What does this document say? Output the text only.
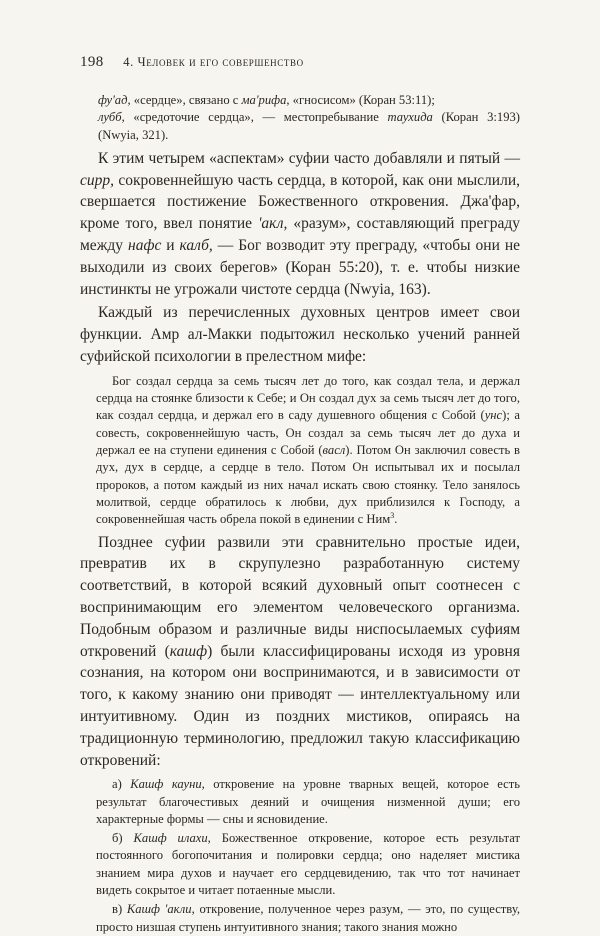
198 4. Человек и его совершенство

фу'ад, «сердце», связано с ма'рифа, «гносисом» (Коран 53:11);

лубб, «средоточие сердца», — местопребывание таухида (Коран 3:193) (Nwyia, 321).

К этим четырем «аспектам» суфии часто добавляли и пятый — сирр, сокровеннейшую часть сердца, в которой, как они мыслили, свершается постижение Божественного откровения. Джа'фар, кроме того, ввел понятие 'акл, «разум», составляющий преграду между нафс и калб, — Бог возводит эту преграду, «чтобы они не выходили из своих берегов» (Коран 55:20), т. е. чтобы низкие инстинкты не угрожали чистоте сердца (Nwyia, 163).

Каждый из перечисленных духовных центров имеет свои функции. Амр ал-Макки подытожил несколько учений ранней суфийской психологии в прелестном мифе:

Бог создал сердца за семь тысяч лет до того, как создал тела, и держал сердца на стоянке близости к Себе; и Он создал дух за семь тысяч лет до того, как создал сердца, и держал его в саду душевного общения с Собой (унс); а совесть, сокровеннейшую часть, Он создал за семь тысяч лет до духа и держал ее на ступени единения с Собой (васл). Потом Он заключил совесть в дух, дух в сердце, а сердце в тело. Потом Он испытывал их и посылал пророков, а потом каждый из них начал искать свою стоянку. Тело занялось молитвой, сердце обратилось к любви, дух приблизился к Господу, а сокровеннейшая часть обрела покой в единении с Ним$^3$.

Позднее суфии развили эти сравнительно простые идеи, превратив их в скрупулезно разработанную систему соответствий, в которой всякий духовный опыт соотнесен с воспринимающим его элементом человеческого организма. Подобным образом и различные виды ниспосылаемых суфиям откровений (кашф) были классифицированы исходя из уровня сознания, на котором они воспринимаются, и в зависимости от того, к какому знанию они приводят — интеллектуальному или интуитивному. Один из поздних мистиков, опираясь на традиционную терминологию, предложил такую классификацию откровений:

а) Кашф кауни, откровение на уровне тварных вещей, которое есть результат благочестивых деяний и очищения низменной души; его характерные формы — сны и ясновидение.

б) Кашф илахи, Божественное откровение, которое есть результат постоянного богопочитания и полировки сердца; оно наделяет мистика знанием мира духов и научает его сердцевидению, так что тот начинает видеть сокрытое и читает потаенные мысли.

в) Кашф 'акли, откровение, полученное через разум, — это, по существу, просто низшая ступень интуитивного знания; такого знания можно
